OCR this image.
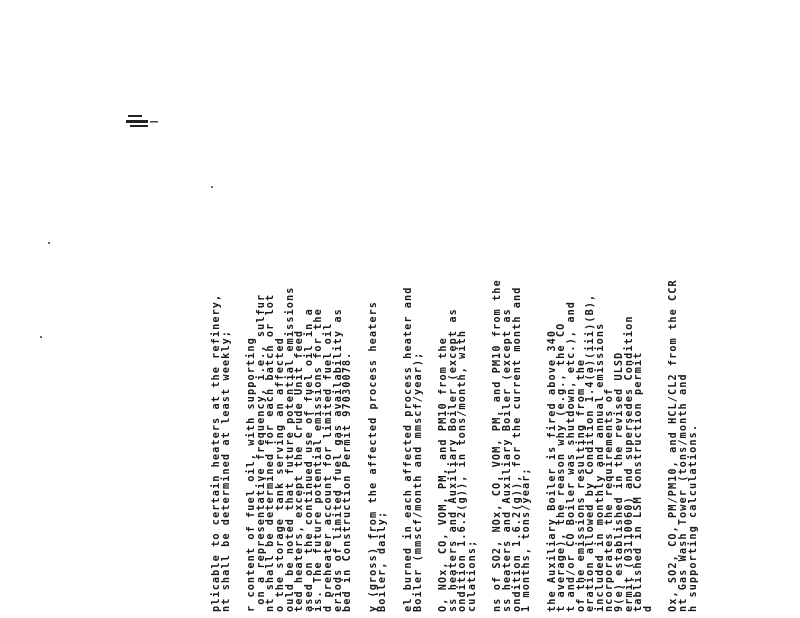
plicable to certain heaters at the refinery,
nt shall be determined at least weekly; r content of fuel oil, with supporting
on a representative frequency, i.e., sulfur
nt shall be determined for each batch or lot
o the storage tank serving an affected
ould be noted that future potential emissions
ted heaters, except the Crude Unit feed
ased on the continued use of fuel oil in a
is. The future potential emissions for the
d preheater account for limited fuel oil
eriods of limited fuel gas availability as
bed in Construction Permit 97030078. y (gross) from the affected process heaters
Boiler, daily; el burned in each affected process heater and
Boiler (mmscf/month and mmscf/year); O, NOx, CO, VOM, PM, and PM10 from the
ss heaters and Auxiliary Boiler (except as
ondition 1.6.2(g)), in tons/month, with
culations; ns of SO2, NOx, CO, VOM, PM, and PM10 from the
ss heaters and Auxiliary Boiler (except as
ondition 1.6.2(g)), for the current month and
1 months, tons/year; the Auxiliary Boiler is fired above 340
t average), the reason why (e.g., the CO
t and/or CO Boiler was shutdown, etc.), and
of the emissions resulting from the
eration allowed by Condition 1.4(a)(iii)(B),
included in monthly and annual emissions
ncorporates the requirements of
9(e) established in the revised ULSD
ermit (03110060) and supersedes Condition
tablished in LSM Construction permit
d Ox, SO2, CO, PM/PM10, and HCL/CL2 from the CCR
nt Gas Wash Tower (tons/month and
h supporting calculations.
